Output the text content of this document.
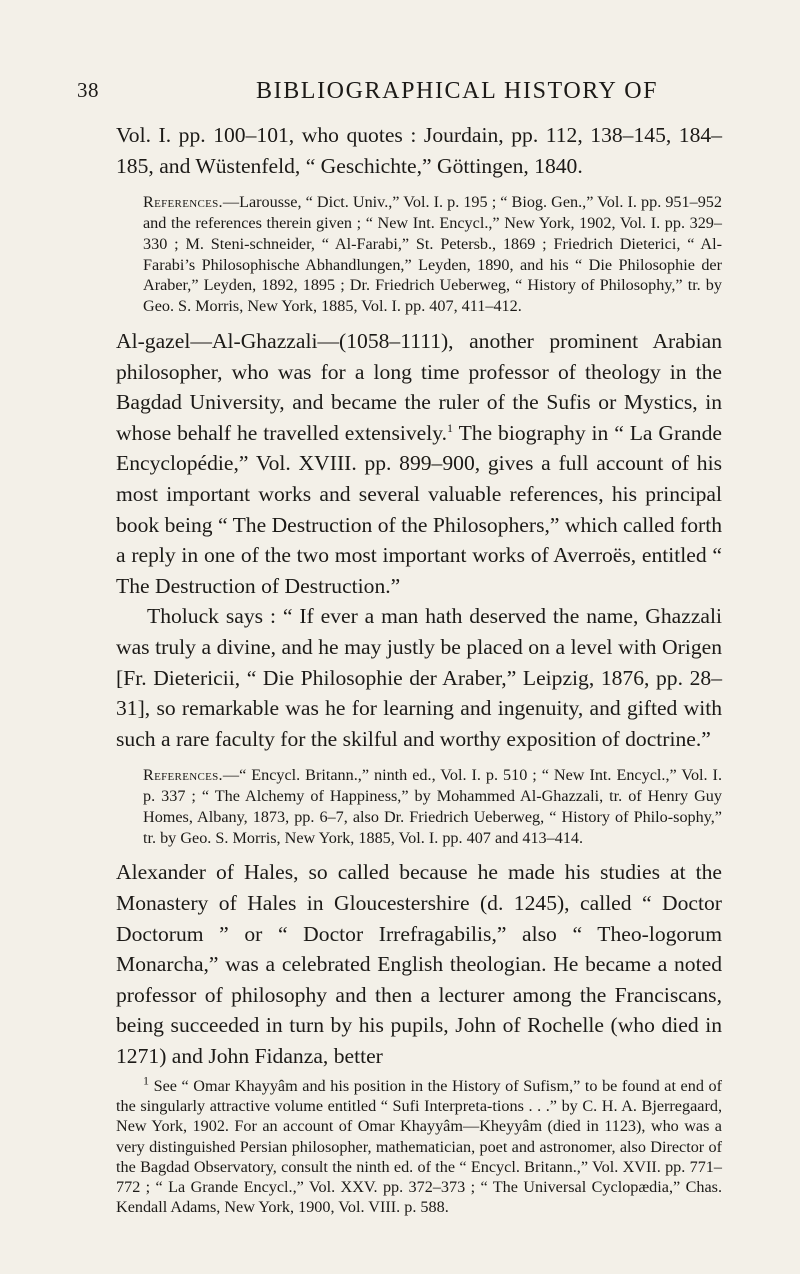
38	BIBLIOGRAPHICAL HISTORY OF

Vol. I. pp. 100–101, who quotes : Jourdain, pp. 112, 138–145, 184–185, and Wüstenfeld, “ Geschichte,” Göttingen, 1840.

References.—Larousse, “ Dict. Univ.,” Vol. I. p. 195 ; “ Biog. Gen.,” Vol. I. pp. 951–952 and the references therein given ; “ New Int. Encycl.,” New York, 1902, Vol. I. pp. 329–330 ; M. Steni-schneider, “ Al-Farabi,” St. Petersb., 1869 ; Friedrich Dieterici, “ Al-Farabi’s Philosophische Abhandlungen,” Leyden, 1890, and his “ Die Philosophie der Araber,” Leyden, 1892, 1895 ; Dr. Friedrich Ueberweg, “ History of Philosophy,” tr. by Geo. S. Morris, New York, 1885, Vol. I. pp. 407, 411–412.

Al-gazel—Al-Ghazzali—(1058–1111), another prominent Arabian philosopher, who was for a long time professor of theology in the Bagdad University, and became the ruler of the Sufis or Mystics, in whose behalf he travelled extensively.$^1$ The biography in “ La Grande Encyclopédie,” Vol. XVIII. pp. 899–900, gives a full account of his most important works and several valuable references, his principal book being “ The Destruction of the Philosophers,” which called forth a reply in one of the two most important works of Averroës, entitled “ The Destruction of Destruction.”

Tholuck says : “ If ever a man hath deserved the name, Ghazzali was truly a divine, and he may justly be placed on a level with Origen [Fr. Dietericii, “ Die Philosophie der Araber,” Leipzig, 1876, pp. 28–31], so remarkable was he for learning and ingenuity, and gifted with such a rare faculty for the skilful and worthy exposition of doctrine.”

References.—“ Encycl. Britann.,” ninth ed., Vol. I. p. 510 ; “ New Int. Encycl.,” Vol. I. p. 337 ; “ The Alchemy of Happiness,” by Mohammed Al-Ghazzali, tr. of Henry Guy Homes, Albany, 1873, pp. 6–7, also Dr. Friedrich Ueberweg, “ History of Philo-sophy,” tr. by Geo. S. Morris, New York, 1885, Vol. I. pp. 407 and 413–414.

Alexander of Hales, so called because he made his studies at the Monastery of Hales in Gloucestershire (d. 1245), called “ Doctor Doctorum ” or “ Doctor Irrefragabilis,” also “ Theo-logorum Monarcha,” was a celebrated English theologian. He became a noted professor of philosophy and then a lecturer among the Franciscans, being succeeded in turn by his pupils, John of Rochelle (who died in 1271) and John Fidanza, better

$^1$ See “ Omar Khayyâm and his position in the History of Sufism,” to be found at end of the singularly attractive volume entitled “ Sufi Interpreta-tions . . .” by C. H. A. Bjerregaard, New York, 1902. For an account of Omar Khayyâm—Kheyyâm (died in 1123), who was a very distinguished Persian philosopher, mathematician, poet and astronomer, also Director of the Bagdad Observatory, consult the ninth ed. of the “ Encycl. Britann.,” Vol. XVII. pp. 771–772 ; “ La Grande Encycl.,” Vol. XXV. pp. 372–373 ; “ The Universal Cyclopædia,” Chas. Kendall Adams, New York, 1900, Vol. VIII. p. 588.
